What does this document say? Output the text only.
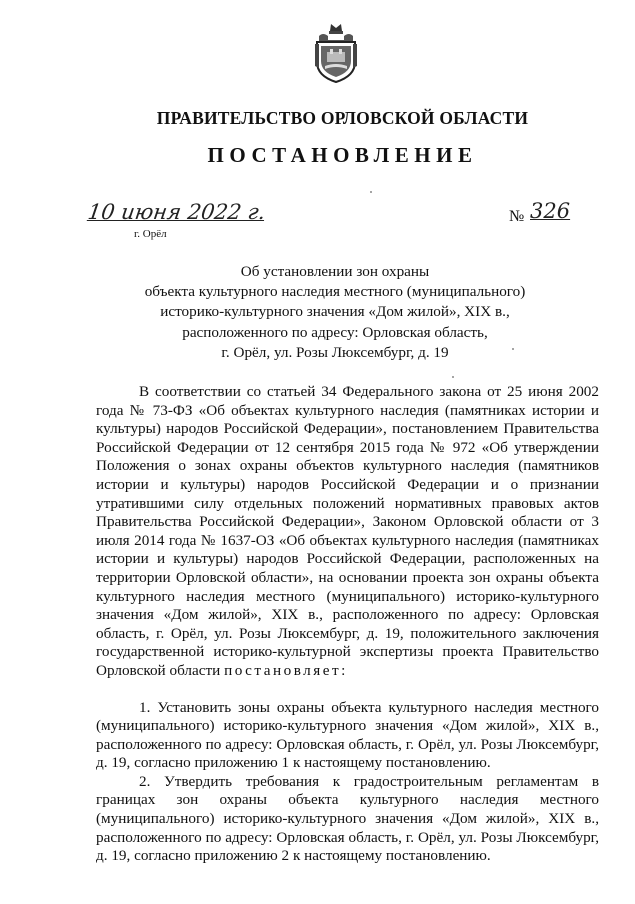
ПРАВИТЕЛЬСТВО ОРЛОВСКОЙ ОБЛАСТИ
ПОСТАНОВЛЕНИЕ
10 июня 2022 г.
г. Орёл
№ 326
Об установлении зон охраны
объекта культурного наследия местного (муниципального)
историко-культурного значения «Дом жилой», XIX в.,
расположенного по адресу: Орловская область,
г. Орёл, ул. Розы Люксембург, д. 19

В соответствии со статьей 34 Федерального закона от 25 июня 2002 года № 73-ФЗ «Об объектах культурного наследия (памятниках истории и культуры) народов Российской Федерации», постановлением Правительства Российской Федерации от 12 сентября 2015 года № 972 «Об утверждении Положения о зонах охраны объектов культурного наследия (памятников истории и культуры) народов Российской Федерации и о признании утратившими силу отдельных положений нормативных правовых актов Правительства Российской Федерации», Законом Орловской области от 3 июля 2014 года № 1637-ОЗ «Об объектах культурного наследия (памятниках истории и культуры) народов Российской Федерации, расположенных на территории Орловской области», на основании проекта зон охраны объекта культурного наследия местного (муниципального) историко-культурного значения «Дом жилой», XIX в., расположенного по адресу: Орловская область, г. Орёл, ул. Розы Люксембург, д. 19, положительного заключения государственной историко-культурной экспертизы проекта Правительство Орловской области постановляет:

1. Установить зоны охраны объекта культурного наследия местного (муниципального) историко-культурного значения «Дом жилой», XIX в., расположенного по адресу: Орловская область, г. Орёл, ул. Розы Люксембург, д. 19, согласно приложению 1 к настоящему постановлению.

2. Утвердить требования к градостроительным регламентам в границах зон охраны объекта культурного наследия местного (муниципального) историко-культурного значения «Дом жилой», XIX в., расположенного по адресу: Орловская область, г. Орёл, ул. Розы Люксембург, д. 19, согласно приложению 2 к настоящему постановлению.
